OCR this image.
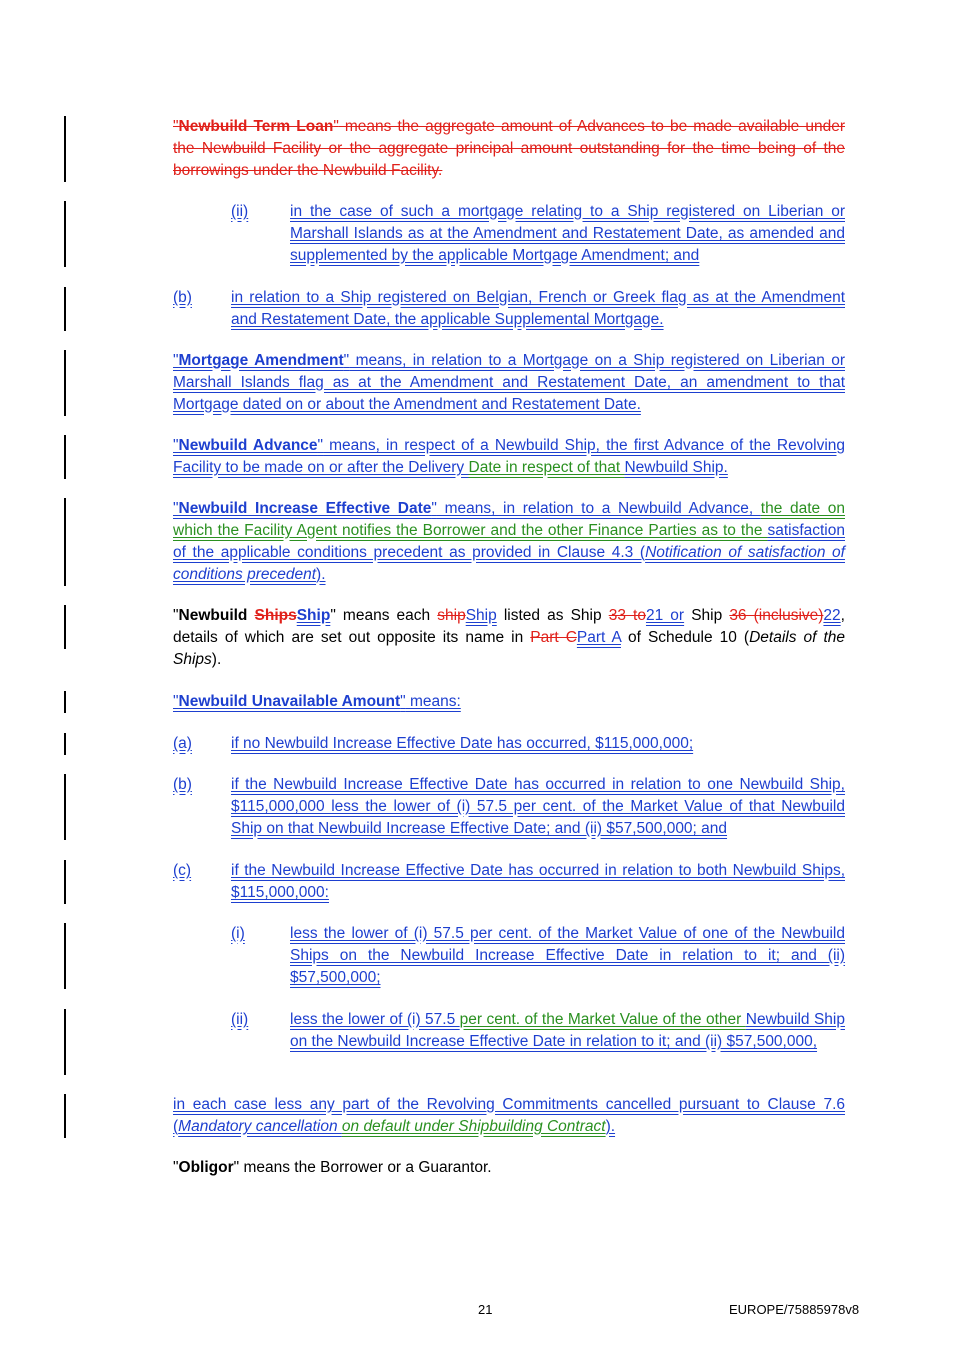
"Newbuild Term Loan" means the aggregate amount of Advances to be made available under the Newbuild Facility or the aggregate principal amount outstanding for the time being of the borrowings under the Newbuild Facility.
(ii)	in the case of such a mortgage relating to a Ship registered on Liberian or Marshall Islands as at the Amendment and Restatement Date, as amended and supplemented by the applicable Mortgage Amendment; and
(b)	in relation to a Ship registered on Belgian, French or Greek flag as at the Amendment and Restatement Date, the applicable Supplemental Mortgage.
"Mortgage Amendment" means, in relation to a Mortgage on a Ship registered on Liberian or Marshall Islands flag as at the Amendment and Restatement Date, an amendment to that Mortgage dated on or about the Amendment and Restatement Date.
"Newbuild Advance" means, in respect of a Newbuild Ship, the first Advance of the Revolving Facility to be made on or after the Delivery Date in respect of that Newbuild Ship.
"Newbuild Increase Effective Date" means, in relation to a Newbuild Advance, the date on which the Facility Agent notifies the Borrower and the other Finance Parties as to the satisfaction of the applicable conditions precedent as provided in Clause 4.3 (Notification of satisfaction of conditions precedent).
"Newbuild ShipsShip" means each shipShip listed as Ship 33 to21 or Ship 36 (inclusive)22, details of which are set out opposite its name in Part CPart A of Schedule 10 (Details of the Ships).
"Newbuild Unavailable Amount" means:
(a)	if no Newbuild Increase Effective Date has occurred, $115,000,000;
(b)	if the Newbuild Increase Effective Date has occurred in relation to one Newbuild Ship, $115,000,000 less the lower of (i) 57.5 per cent. of the Market Value of that Newbuild Ship on that Newbuild Increase Effective Date; and (ii) $57,500,000; and
(c)	if the Newbuild Increase Effective Date has occurred in relation to both Newbuild Ships, $115,000,000:
(i)	less the lower of (i) 57.5 per cent. of the Market Value of one of the Newbuild Ships on the Newbuild Increase Effective Date in relation to it; and (ii) $57,500,000;
(ii)	less the lower of (i) 57.5 per cent. of the Market Value of the other Newbuild Ship on the Newbuild Increase Effective Date in relation to it; and (ii) $57,500,000,
in each case less any part of the Revolving Commitments cancelled pursuant to Clause 7.6 (Mandatory cancellation on default under Shipbuilding Contract).
"Obligor" means the Borrower or a Guarantor.
21	EUROPE/75885978v8
